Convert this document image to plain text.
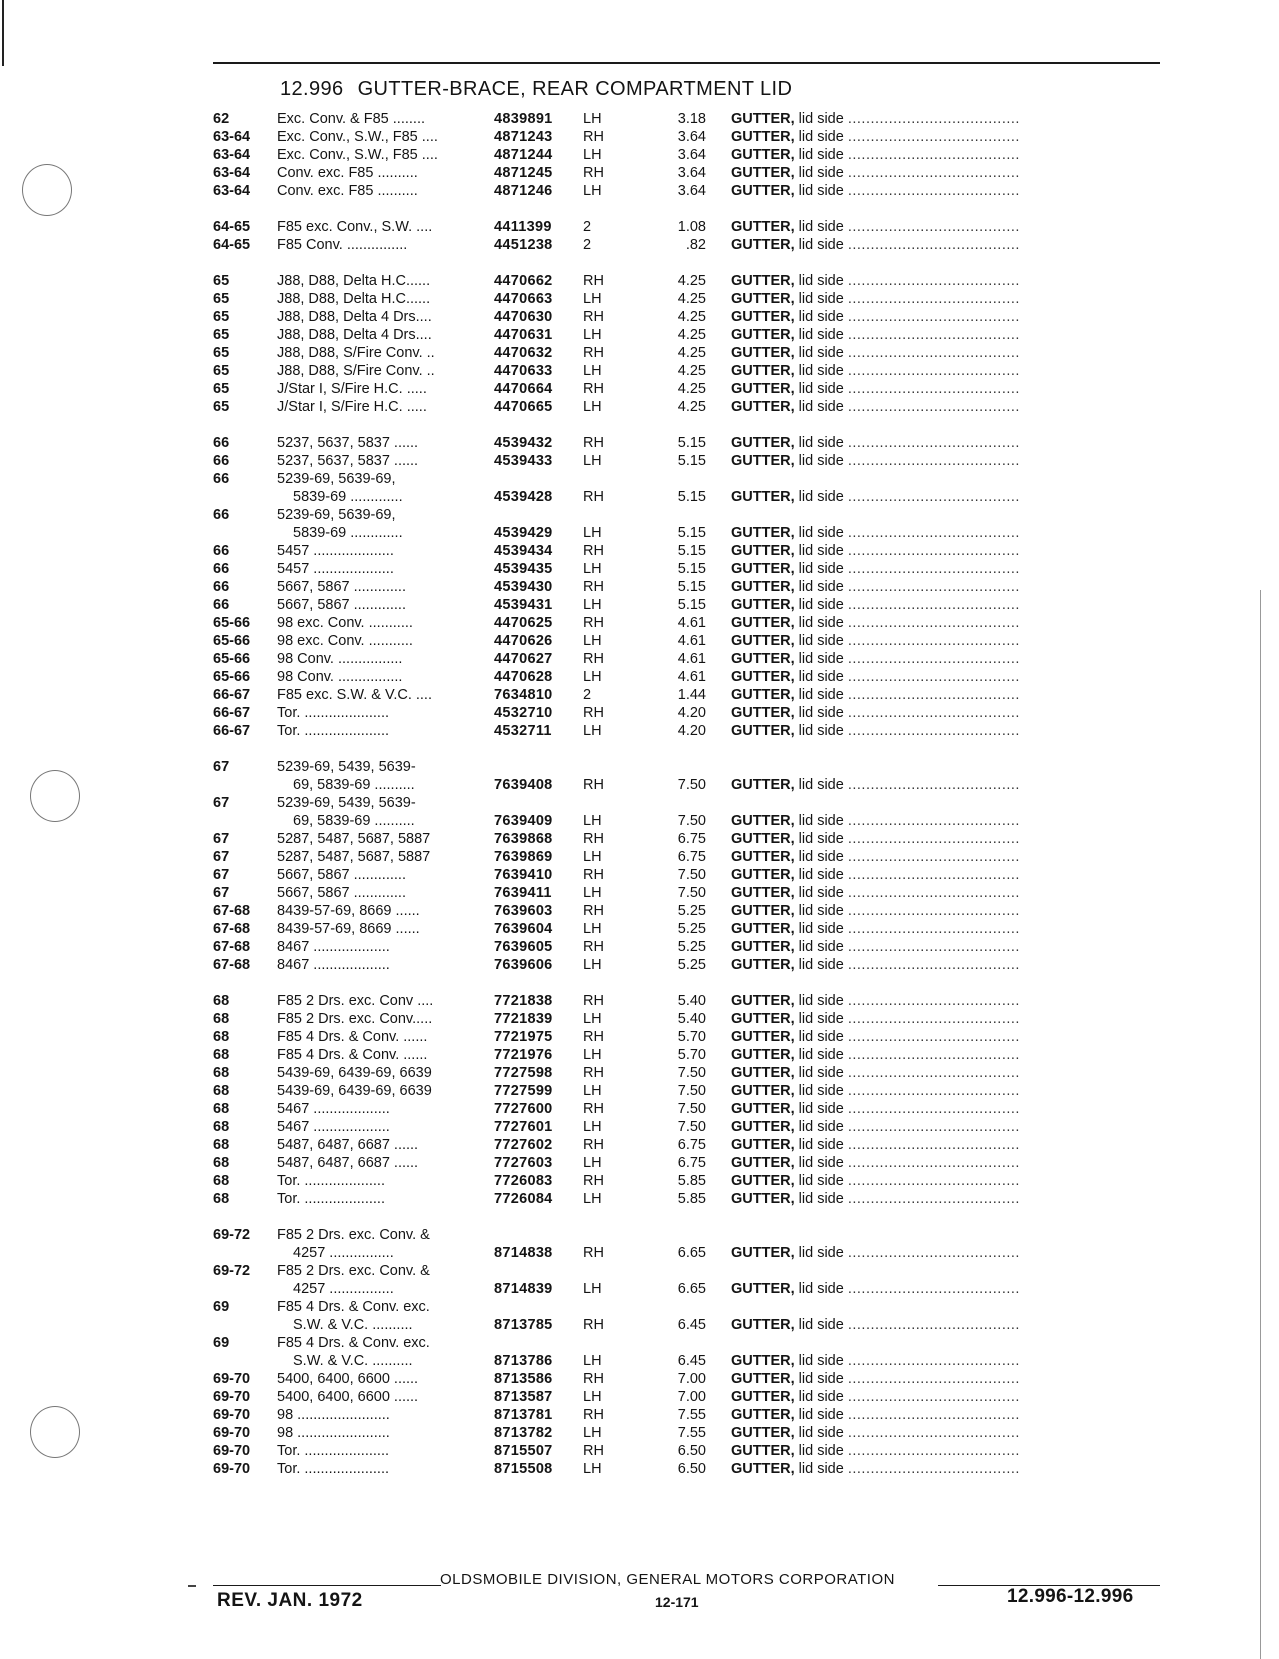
12.996 GUTTER-BRACE, REAR COMPARTMENT LID
62	Exc. Conv. & F85 ........	4839891	LH	3.18 GUTTER, lid side ......................................
63-64	Exc. Conv., S.W., F85 ....	4871243	RH	3.64 GUTTER, lid side ......................................
63-64	Exc. Conv., S.W., F85 ....	4871244	LH	3.64 GUTTER, lid side ......................................
63-64	Conv. exc. F85 ..........	4871245	RH	3.64 GUTTER, lid side ......................................
63-64	Conv. exc. F85 ..........	4871246	LH	3.64 GUTTER, lid side ......................................
64-65	F85 exc. Conv., S.W. ....	4411399	2	1.08 GUTTER, lid side ......................................
64-65	F85 Conv. ...............	4451238	2	.82 GUTTER, lid side ......................................
65	J88, D88, Delta H.C......	4470662	RH	4.25 GUTTER, lid side ......................................
65	J88, D88, Delta H.C......	4470663	LH	4.25 GUTTER, lid side ......................................
65	J88, D88, Delta 4 Drs....	4470630	RH	4.25 GUTTER, lid side ......................................
65	J88, D88, Delta 4 Drs....	4470631	LH	4.25 GUTTER, lid side ......................................
65	J88, D88, S/Fire Conv. ..	4470632	RH	4.25 GUTTER, lid side ......................................
65	J88, D88, S/Fire Conv. ..	4470633	LH	4.25 GUTTER, lid side ......................................
65	J/Star I, S/Fire H.C. .....	4470664	RH	4.25 GUTTER, lid side ......................................
65	J/Star I, S/Fire H.C. .....	4470665	LH	4.25 GUTTER, lid side ......................................
66	5237, 5637, 5837 ......	4539432	RH	5.15 GUTTER, lid side ......................................
66	5237, 5637, 5837 ......	4539433	LH	5.15 GUTTER, lid side ......................................
66	5239-69, 5639-69,
5839-69 .............	4539428	RH	5.15 GUTTER, lid side ......................................
66	5239-69, 5639-69,
5839-69 .............	4539429	LH	5.15 GUTTER, lid side ......................................
66	5457 ....................	4539434	RH	5.15 GUTTER, lid side ......................................
66	5457 ....................	4539435	LH	5.15 GUTTER, lid side ......................................
66	5667, 5867 .............	4539430	RH	5.15 GUTTER, lid side ......................................
66	5667, 5867 .............	4539431	LH	5.15 GUTTER, lid side ......................................
65-66	98 exc. Conv. ...........	4470625	RH	4.61 GUTTER, lid side ......................................
65-66	98 exc. Conv. ...........	4470626	LH	4.61 GUTTER, lid side ......................................
65-66	98 Conv. ................	4470627	RH	4.61 GUTTER, lid side ......................................
65-66	98 Conv. ................	4470628	LH	4.61 GUTTER, lid side ......................................
66-67	F85 exc. S.W. & V.C. ....	7634810	2	1.44 GUTTER, lid side ......................................
66-67	Tor. .....................	4532710	RH	4.20 GUTTER, lid side ......................................
66-67	Tor. .....................	4532711	LH	4.20 GUTTER, lid side ......................................
67	5239-69, 5439, 5639-
69, 5839-69 ..........	7639408	RH	7.50 GUTTER, lid side ......................................
67	5239-69, 5439, 5639-
69, 5839-69 ..........	7639409	LH	7.50 GUTTER, lid side ......................................
67	5287, 5487, 5687, 5887	7639868	RH	6.75 GUTTER, lid side ......................................
67	5287, 5487, 5687, 5887	7639869	LH	6.75 GUTTER, lid side ......................................
67	5667, 5867 .............	7639410	RH	7.50 GUTTER, lid side ......................................
67	5667, 5867 .............	7639411	LH	7.50 GUTTER, lid side ......................................
67-68	8439-57-69, 8669 ......	7639603	RH	5.25 GUTTER, lid side ......................................
67-68	8439-57-69, 8669 ......	7639604	LH	5.25 GUTTER, lid side ......................................
67-68	8467 ...................	7639605	RH	5.25 GUTTER, lid side ......................................
67-68	8467 ...................	7639606	LH	5.25 GUTTER, lid side ......................................
68	F85 2 Drs. exc. Conv ....	7721838	RH	5.40 GUTTER, lid side ......................................
68	F85 2 Drs. exc. Conv.....	7721839	LH	5.40 GUTTER, lid side ......................................
68	F85 4 Drs. & Conv. ......	7721975	RH	5.70 GUTTER, lid side ......................................
68	F85 4 Drs. & Conv. ......	7721976	LH	5.70 GUTTER, lid side ......................................
68	5439-69, 6439-69, 6639	7727598	RH	7.50 GUTTER, lid side ......................................
68	5439-69, 6439-69, 6639	7727599	LH	7.50 GUTTER, lid side ......................................
68	5467 ...................	7727600	RH	7.50 GUTTER, lid side ......................................
68	5467 ...................	7727601	LH	7.50 GUTTER, lid side ......................................
68	5487, 6487, 6687 ......	7727602	RH	6.75 GUTTER, lid side ......................................
68	5487, 6487, 6687 ......	7727603	LH	6.75 GUTTER, lid side ......................................
68	Tor. ....................	7726083	RH	5.85 GUTTER, lid side ......................................
68	Tor. ....................	7726084	LH	5.85 GUTTER, lid side ......................................
69-72	F85 2 Drs. exc. Conv. &
4257 ................	8714838	RH	6.65 GUTTER, lid side ......................................
69-72	F85 2 Drs. exc. Conv. &
4257 ................	8714839	LH	6.65 GUTTER, lid side ......................................
69	F85 4 Drs. & Conv. exc.
S.W. & V.C. ..........	8713785	RH	6.45 GUTTER, lid side ......................................
69	F85 4 Drs. & Conv. exc.
S.W. & V.C. ..........	8713786	LH	6.45 GUTTER, lid side ......................................
69-70	5400, 6400, 6600 ......	8713586	RH	7.00 GUTTER, lid side ......................................
69-70	5400, 6400, 6600 ......	8713587	LH	7.00 GUTTER, lid side ......................................
69-70	98 .......................	8713781	RH	7.55 GUTTER, lid side ......................................
69-70	98 .......................	8713782	LH	7.55 GUTTER, lid side ......................................
69-70	Tor. .....................	8715507	RH	6.50 GUTTER, lid side ......................................
69-70	Tor. .....................	8715508	LH	6.50 GUTTER, lid side ......................................
OLDSMOBILE DIVISION, GENERAL MOTORS CORPORATION
REV. JAN. 1972	12-171	12.996-12.996
